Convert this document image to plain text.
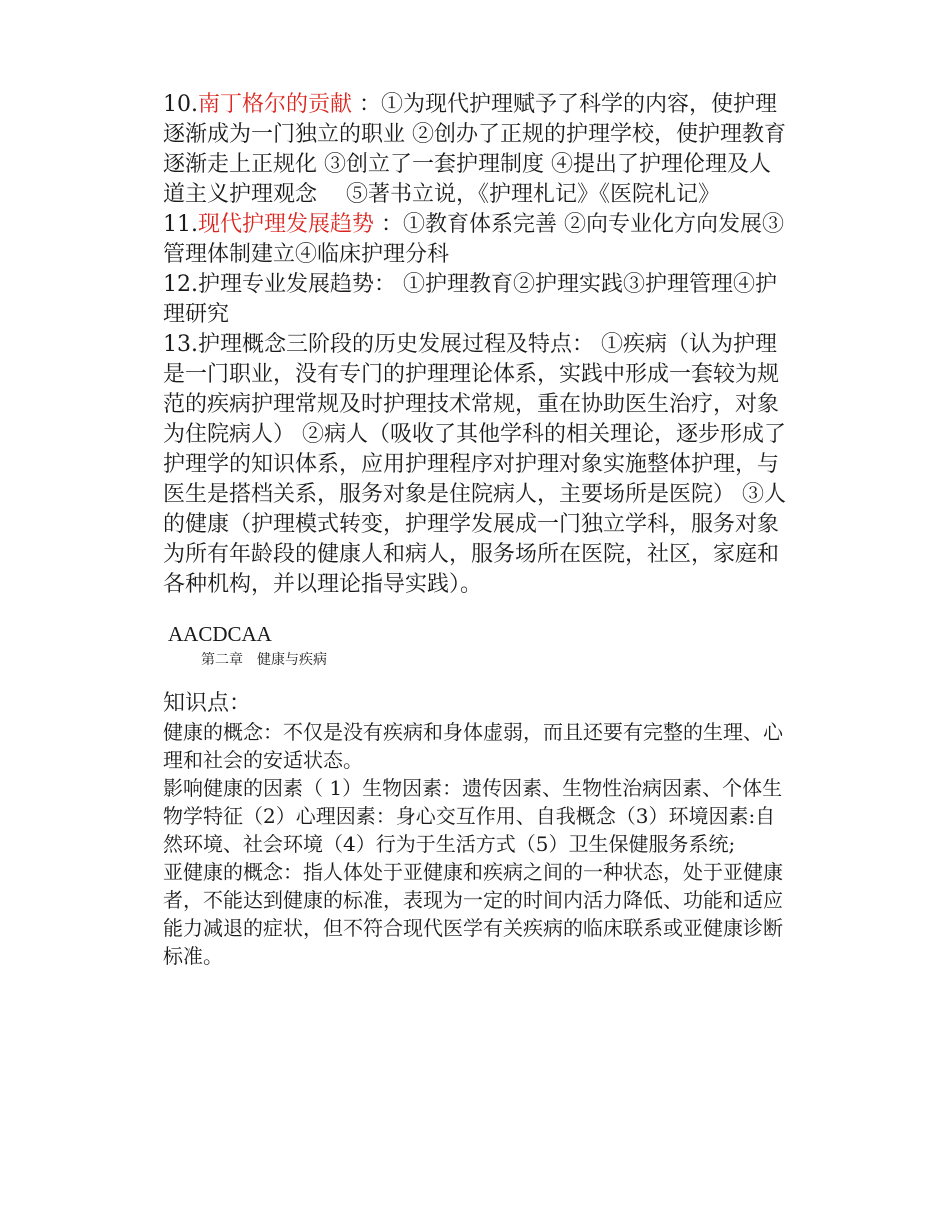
10.南丁格尔的贡献 ：①为现代护理赋予了科学的内容，使护理逐渐成为一门独立的职业 ②创办了正规的护理学校，使护理教育逐渐走上正规化 ③创立了一套护理制度 ④提出了护理伦理及人道主义护理观念　 ⑤著书立说，《护理札记》《医院札记》

11.现代护理发展趋势 ：①教育体系完善 ②向专业化方向发展③管理体制建立④临床护理分科

12.护理专业发展趋势： ①护理教育②护理实践③护理管理④护理研究

13.护理概念三阶段的历史发展过程及特点： ①疾病（认为护理是一门职业，没有专门的护理理论体系，实践中形成一套较为规范的疾病护理常规及时护理技术常规，重在协助医生治疗，对象为住院病人） ②病人（吸收了其他学科的相关理论，逐步形成了护理学的知识体系，应用护理程序对护理对象实施整体护理，与医生是搭档关系，服务对象是住院病人，主要场所是医院） ③人的健康（护理模式转变，护理学发展成一门独立学科，服务对象为所有年龄段的健康人和病人，服务场所在医院，社区，家庭和各种机构，并以理论指导实践）。

AACDCAA
第二章　健康与疾病
知识点：

健康的概念：不仅是没有疾病和身体虚弱，而且还要有完整的生理、心理和社会的安适状态。

影响健康的因素（ 1）生物因素：遗传因素、生物性治病因素、个体生物学特征（2）心理因素：身心交互作用、自我概念（3）环境因素:自然环境、社会环境（4）行为于生活方式（5）卫生保健服务系统;

亚健康的概念：指人体处于亚健康和疾病之间的一种状态，处于亚健康者，不能达到健康的标准，表现为一定的时间内活力降低、功能和适应能力减退的症状，但不符合现代医学有关疾病的临床联系或亚健康诊断标准。
